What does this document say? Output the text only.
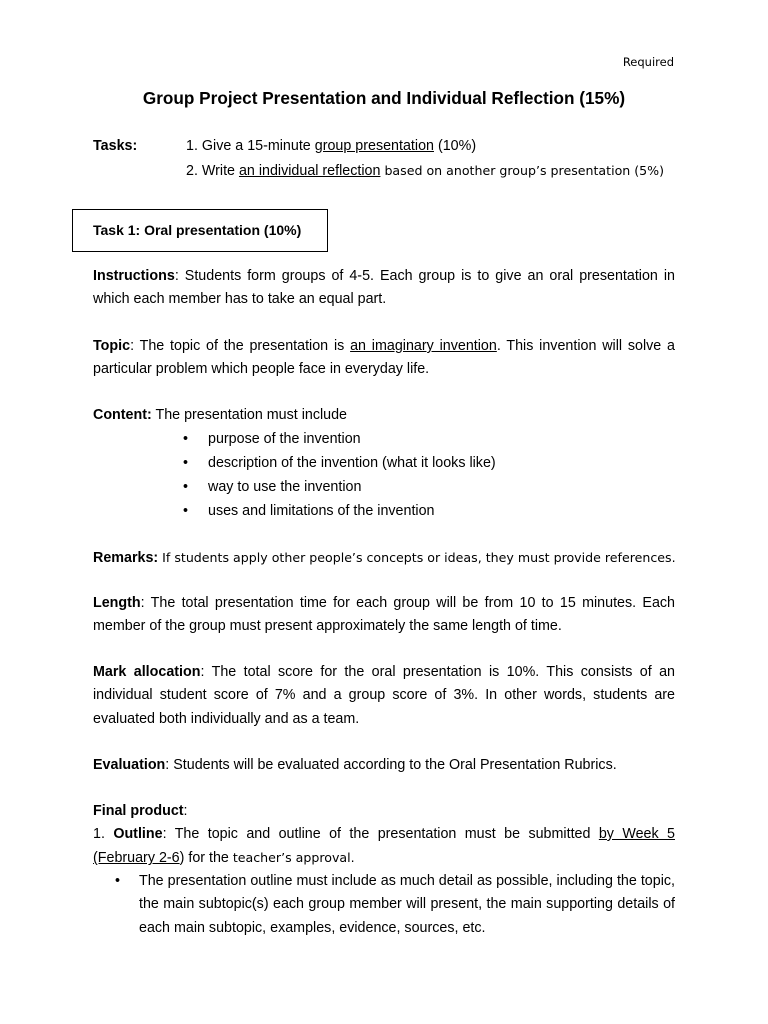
Required
Group Project Presentation and Individual Reflection (15%)
Tasks:	1. Give a 15-minute group presentation (10%)
2. Write an individual reflection based on another group’s presentation (5%)
Task 1: Oral presentation (10%)
Instructions: Students form groups of 4-5. Each group is to give an oral presentation in which each member has to take an equal part.
Topic: The topic of the presentation is an imaginary invention. This invention will solve a particular problem which people face in everyday life.
Content: The presentation must include
• purpose of the invention
• description of the invention (what it looks like)
• way to use the invention
• uses and limitations of the invention
Remarks: If students apply other people’s concepts or ideas, they must provide references.
Length: The total presentation time for each group will be from 10 to 15 minutes. Each member of the group must present approximately the same length of time.
Mark allocation: The total score for the oral presentation is 10%. This consists of an individual student score of 7% and a group score of 3%. In other words, students are evaluated both individually and as a team.
Evaluation: Students will be evaluated according to the Oral Presentation Rubrics.
Final product:
1. Outline: The topic and outline of the presentation must be submitted by Week 5 (February 2-6) for the teacher’s approval.
• The presentation outline must include as much detail as possible, including the topic, the main subtopic(s) each group member will present, the main supporting details of each main subtopic, examples, evidence, sources, etc.
